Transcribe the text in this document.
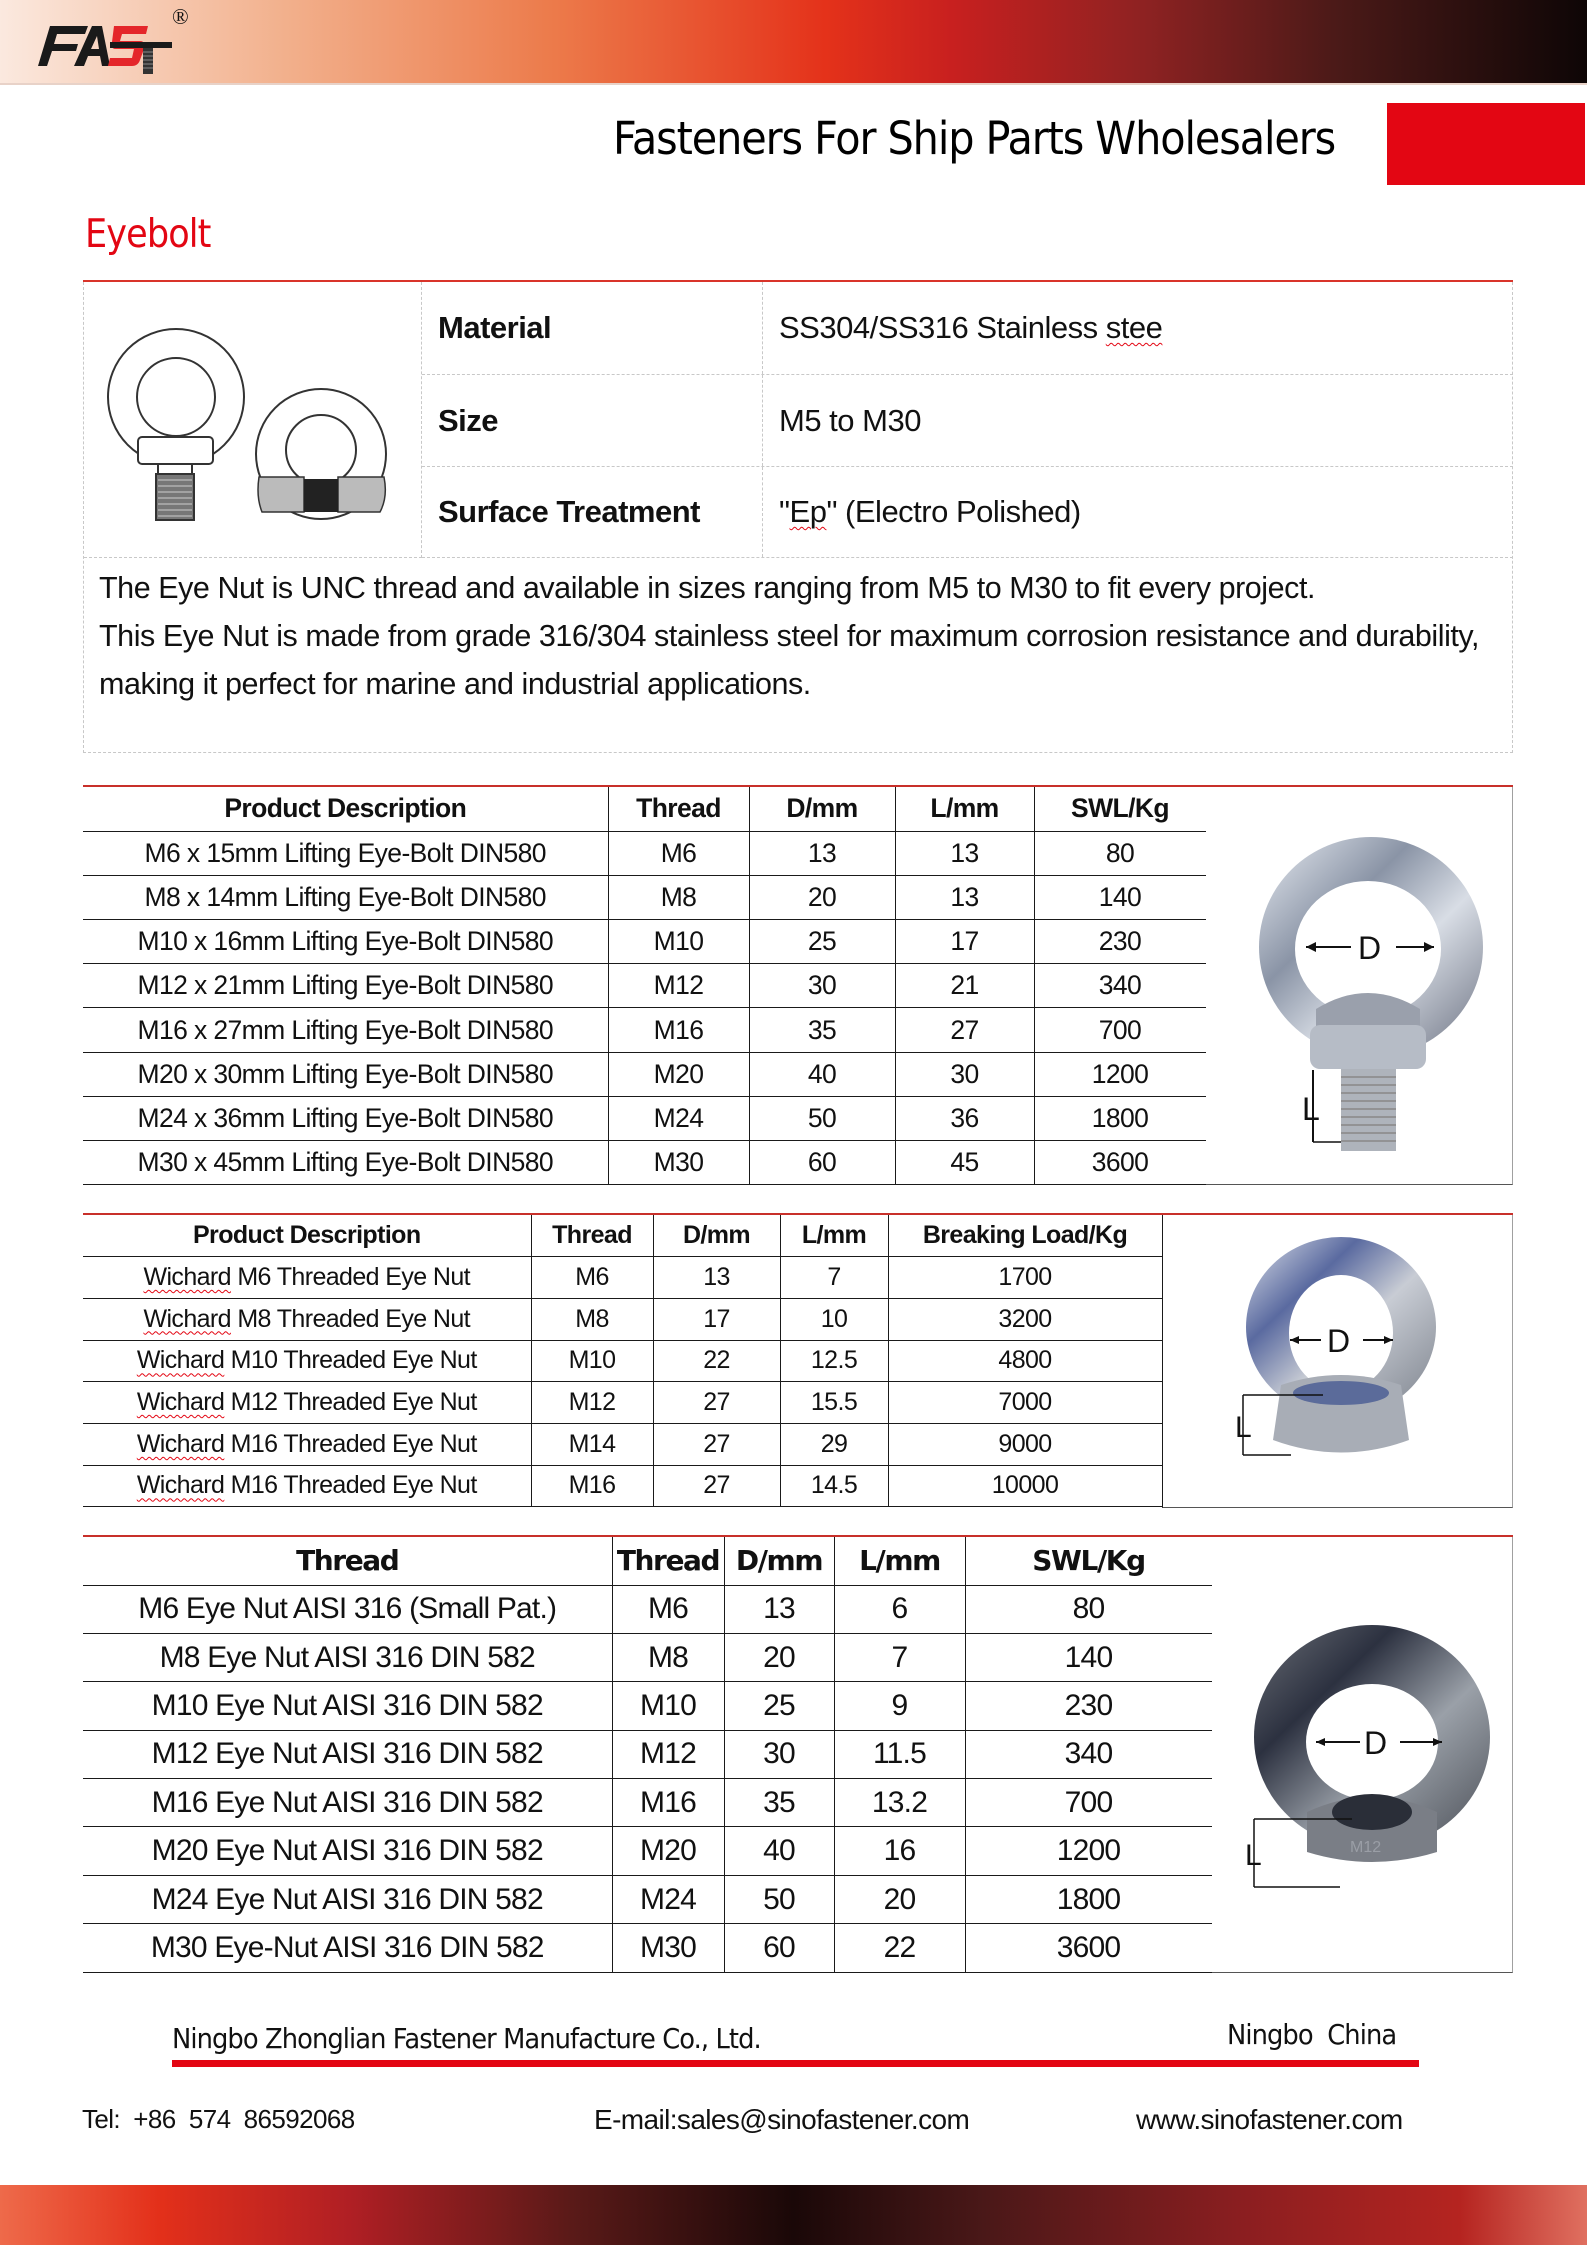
®
Fasteners For Ship Parts Wholesalers
Eyebolt
Material	SS304/SS316 Stainless stee
Size	M5 to M30
Surface Treatment	" Ep " (Electro Polished)
The Eye Nut is UNC thread and available in sizes ranging from M5 to M30 to fit every project.
This Eye Nut is made from grade 316/304 stainless steel for maximum corrosion resistance and durability,
making it perfect for marine and industrial applications.
Product Description	Thread	D/mm	L/mm	SWL/Kg
M6 x 15mm Lifting Eye-Bolt DIN580	M6	13	13	80
M8 x 14mm Lifting Eye-Bolt DIN580	M8	20	13	140
M10 x 16mm Lifting Eye-Bolt DIN580	M10	25	17	230
M12 x 21mm Lifting Eye-Bolt DIN580	M12	30	21	340
M16 x 27mm Lifting Eye-Bolt DIN580	M16	35	27	700
M20 x 30mm Lifting Eye-Bolt DIN580	M20	40	30	1200
M24 x 36mm Lifting Eye-Bolt DIN580	M24	50	36	1800
M30 x 45mm Lifting Eye-Bolt DIN580	M30	60	45	3600
D
L
Product Description	Thread	D/mm	L/mm	Breaking Load/Kg
Wichard M6 Threaded Eye Nut	M6	13	7	1700
Wichard M8 Threaded Eye Nut	M8	17	10	3200
Wichard M10 Threaded Eye Nut	M10	22	12.5	4800
Wichard M12 Threaded Eye Nut	M12	27	15.5	7000
Wichard M16 Threaded Eye Nut	M14	27	29	9000
Wichard M16 Threaded Eye Nut	M16	27	14.5	10000
D
L
Thread	Thread	D/mm	L/mm	SWL/Kg
M6 Eye Nut AISI 316 (Small Pat.)	M6	13	6	80
M8 Eye Nut AISI 316 DIN 582	M8	20	7	140
M10 Eye Nut AISI 316 DIN 582	M10	25	9	230
M12 Eye Nut AISI 316 DIN 582	M12	30	11.5	340
M16 Eye Nut AISI 316 DIN 582	M16	35	13.2	700
M20 Eye Nut AISI 316 DIN 582	M20	40	16	1200
M24 Eye Nut AISI 316 DIN 582	M24	50	20	1800
M30 Eye-Nut AISI 316 DIN 582	M30	60	22	3600
M12
D
L
Ningbo Zhonglian Fastener Manufacture Co., Ltd.	Ningbo  China
Tel:  +86  574  86592068	E-mail:sales@sinofastener.com	www.sinofastener.com
